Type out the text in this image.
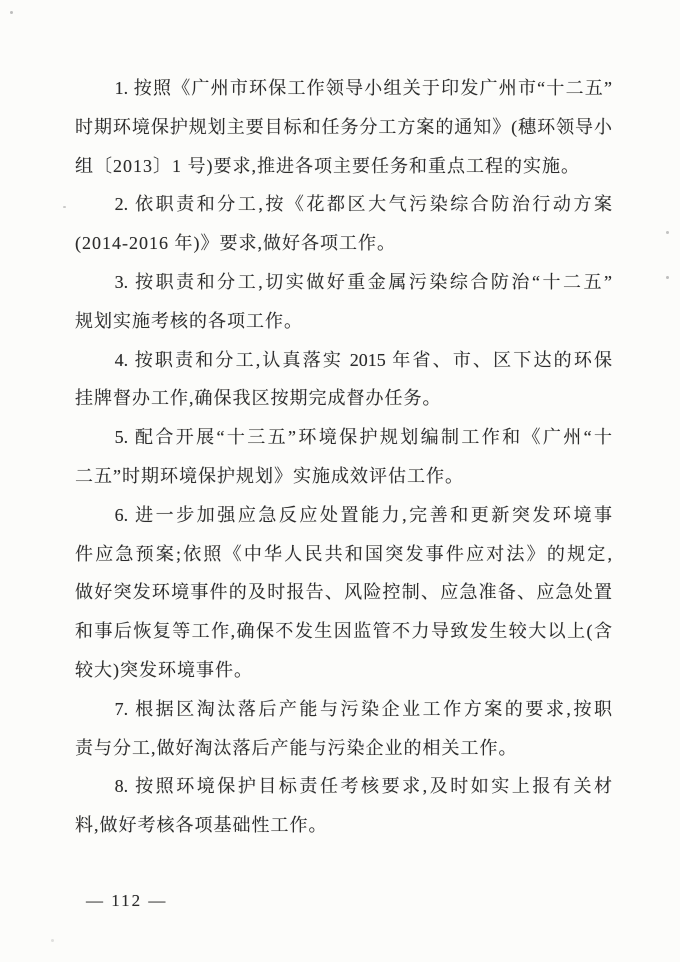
1. 按照《广州市环保工作领导小组关于印发广州市“十二五”
时期环境保护规划主要目标和任务分工方案的通知》(穗环领导小
组〔2013〕1 号)要求,推进各项主要任务和重点工程的实施。
2. 依职责和分工,按《花都区大气污染综合防治行动方案
(2014-2016 年)》要求,做好各项工作。
3. 按职责和分工,切实做好重金属污染综合防治“十二五”
规划实施考核的各项工作。
4. 按职责和分工,认真落实 2015 年省、市、区下达的环保
挂牌督办工作,确保我区按期完成督办任务。
5. 配合开展“十三五”环境保护规划编制工作和《广州“十
二五”时期环境保护规划》实施成效评估工作。
6. 进一步加强应急反应处置能力,完善和更新突发环境事
件应急预案;依照《中华人民共和国突发事件应对法》的规定,
做好突发环境事件的及时报告、风险控制、应急准备、应急处置
和事后恢复等工作,确保不发生因监管不力导致发生较大以上(含
较大)突发环境事件。
7. 根据区淘汰落后产能与污染企业工作方案的要求,按职
责与分工,做好淘汰落后产能与污染企业的相关工作。
8. 按照环境保护目标责任考核要求,及时如实上报有关材
料,做好考核各项基础性工作。
— 112 —
